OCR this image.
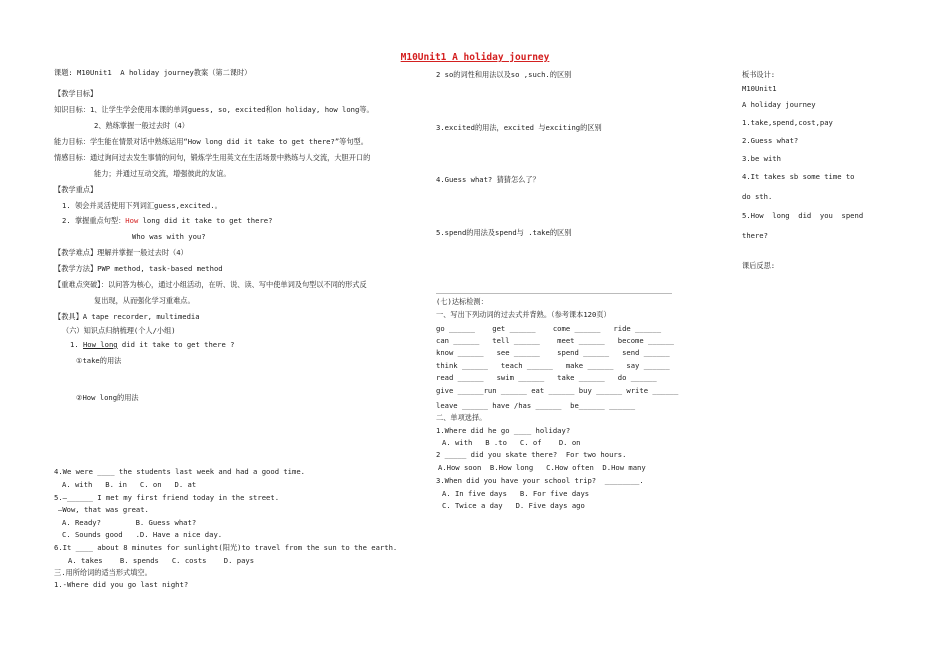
M10Unit1 A holiday journey
课题: M10Unit1  A holiday journey教案（第二课时）
【教学目标】
知识目标：1、让学生学会使用本课的单词guess, so, excited和on holiday, how long等。
2、熟练掌握一般过去时（4）
能力目标：学生能在情景对话中熟练运用“How long did it take to get there?”等句型。
情感目标：通过询问过去发生事情的问句，锻炼学生用英文在生活场景中熟练与人交流，大胆开口的
能力；并通过互动交流，增强彼此的友谊。
【教学重点】
1. 领会并灵活使用下列词汇guess,excited.。
2. 掌握重点句型：How long did it take to get there?
Who was with you?
【教学难点】理解并掌握一般过去时（4）
【教学方法】PWP method, task-based method
【重难点突破】：以问答为核心，通过小组活动，在听、说、读、写中使单词及句型以不同的形式反
复出现，从而强化学习重难点。
【教具】A tape recorder, multimedia
（六）知识点归纳梳理(个人/小组)
1. How long did it take to get there ?
①take的用法
②How long的用法
4.We were ____ the students last week and had a good time.
A. with   B. in   C. on   D. at
5.—______ I met my first friend today in the street.
—Wow, that was great.
A. Ready?        B. Guess what?
C. Sounds good   .D. Have a nice day.
6.It ____ about 8 minutes for sunlight(阳光)to travel from the sun to the earth.
A. takes    B. spends   C. costs    D. pays
三.用所给词的适当形式填空。
1.-Where did you go last night?
2 so的词性和用法以及so ,such.的区别
3.excited的用法，excited 与exciting的区别
4.Guess what? 猜猜怎么了？
5.spend的用法及spend与 .take的区别
(七)达标检测：
一、写出下列动词的过去式并背熟。（参考课本120页）
go ______    get ______    come ______   ride ______
can ______   tell ______    meet ______   become ______
know ______   see ______    spend ______   send ______
think ______   teach ______   make ______   say ______
read ______   swim ______   take ______   do ______
give ______run ______ eat ______ buy ______ write ______
leave ______ have /has ______  be______ ______
二、单项选择。
1.Where did he go ____ holiday?
A. with   B .to   C. of    D. on
2 _____ did you skate there?  For two hours.
A.How soon  B.How long   C.How often  D.How many
3.When did you have your school trip?  ________.
A. In five days   B. For five days
C. Twice a day   D. Five days ago
板书设计:
M10Unit1
A holiday journey
1.take,spend,cost,pay
2.Guess what?
3.be with
4.It takes sb some time to
do sth.
5.How  long  did  you  spend
there?
课后反思:
